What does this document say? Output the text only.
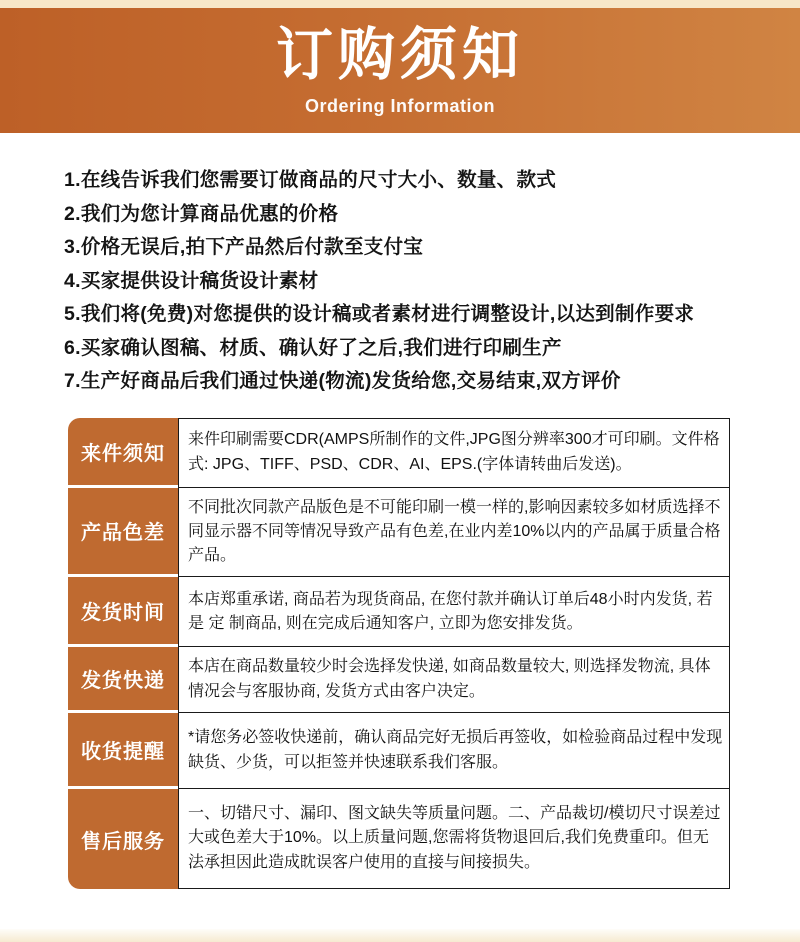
订购须知
Ordering Information
1.在线告诉我们您需要订做商品的尺寸大小、数量、款式
2.我们为您计算商品优惠的价格
3.价格无误后,拍下产品然后付款至支付宝
4.买家提供设计稿货设计素材
5.我们将(免费)对您提供的设计稿或者素材进行调整设计,以达到制作要求
6.买家确认图稿、材质、确认好了之后,我们进行印刷生产
7.生产好商品后我们通过快递(物流)发货给您,交易结束,双方评价
来件须知
来件印刷需要CDR(AMPS所制作的文件,JPG图分辨率300才可印刷。文件格式: JPG、TIFF、PSD、CDR、AI、EPS.(字体请转曲后发送)。
产品色差
不同批次同款产品版色是不可能印刷一模一样的,影响因素较多如材质选择不同显示器不同等情况导致产品有色差,在业内差10%以内的产品属于质量合格产品。
发货时间
本店郑重承诺, 商品若为现货商品, 在您付款并确认订单后48小时内发货, 若 是 定 制商品, 则在完成后通知客户, 立即为您安排发货。
发货快递
本店在商品数量较少时会选择发快递, 如商品数量较大, 则选择发物流, 具体情况会与客服协商, 发货方式由客户决定。
收货提醒
*请您务必签收快递前，确认商品完好无损后再签收，如检验商品过程中发现缺货、少货，可以拒签并快速联系我们客服。
售后服务
一、切错尺寸、漏印、图文缺失等质量问题。二、产品裁切/模切尺寸误差过大或色差大于10%。以上质量问题,您需将货物退回后,我们免费重印。但无法承担因此造成眈误客户使用的直接与间接损失。
